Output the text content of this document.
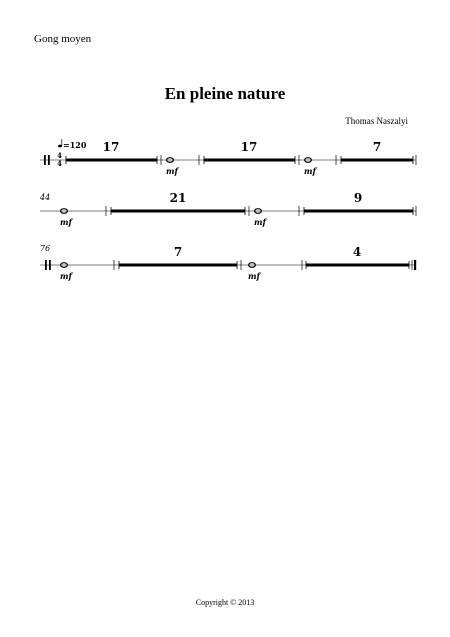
Gong moyen
En pleine nature
Thomas Naszalyi
4
4
=120 17
mf
17
mf
7
44
mf
21
mf
9
76
mf
7
mf
4
Copyright © 2013
